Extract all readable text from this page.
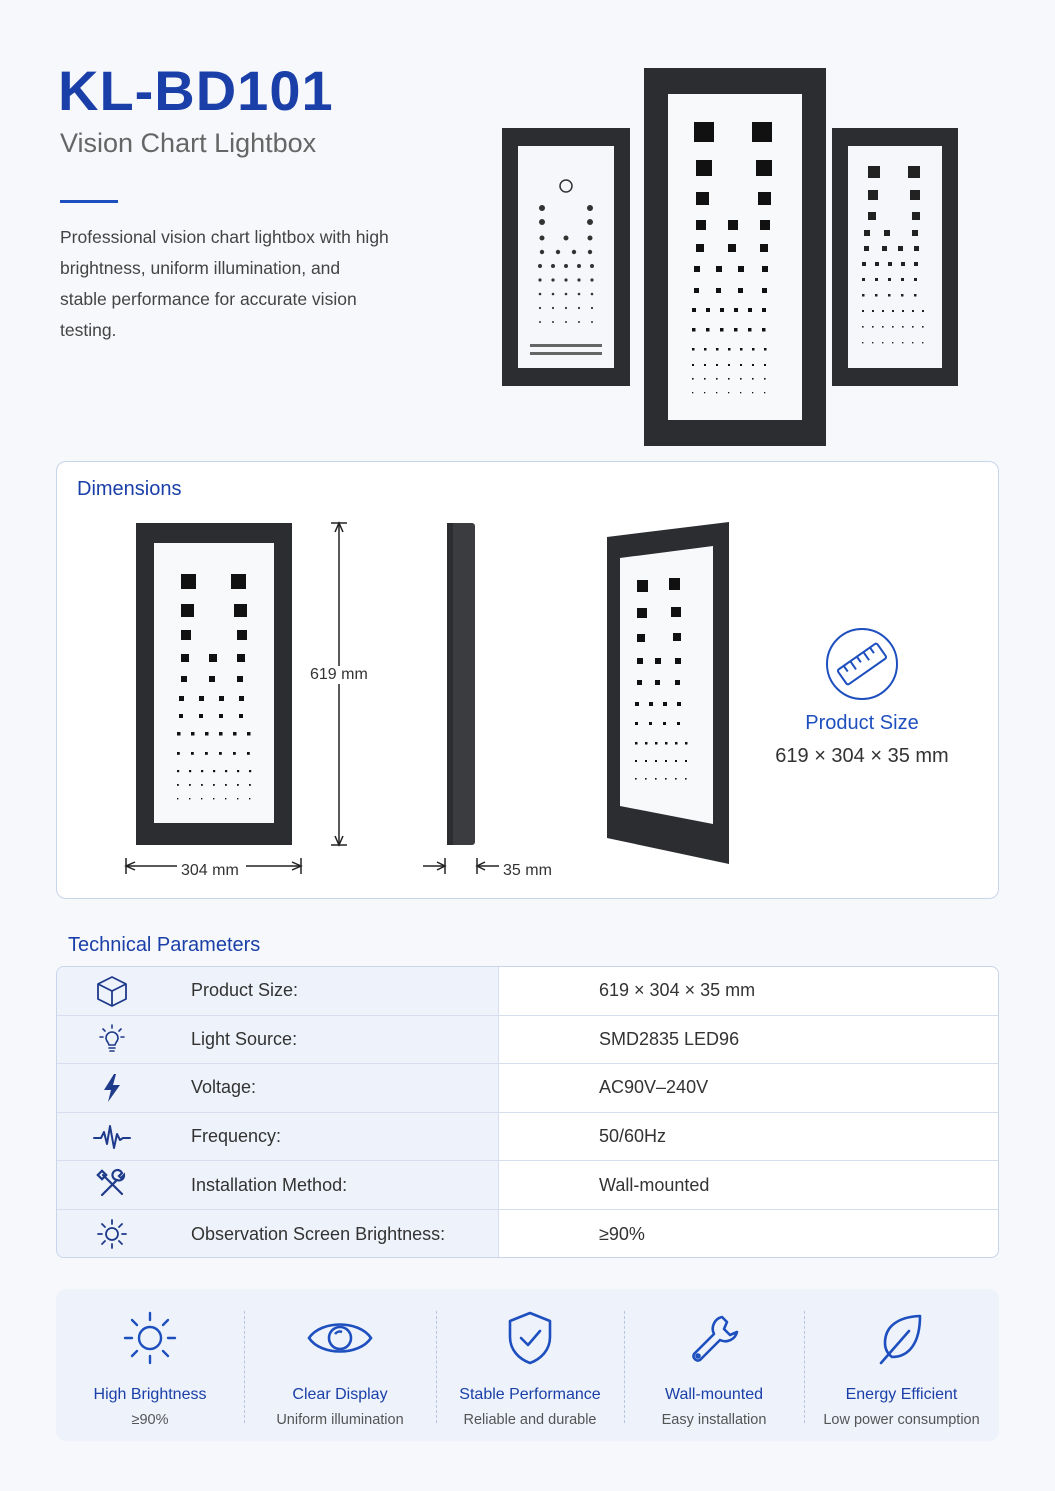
KL-BD101
Vision Chart Lightbox
Professional vision chart lightbox with high brightness, uniform illumination, and stable performance for accurate vision testing.
Dimensions
619 mm
304 mm	35 mm
Product Size
619 × 304 × 35 mm
Technical Parameters
Product Size:	619 × 304 × 35 mm
Light Source:	SMD2835 LED96
Voltage:	AC90V–240V
Frequency:	50/60Hz
Installation Method:	Wall-mounted
Observation Screen Brightness:	≥90%
High Brightness
≥90%
Clear Display
Uniform illumination
Stable Performance
Reliable and durable
Wall-mounted
Easy installation
Energy Efficient
Low power consumption
